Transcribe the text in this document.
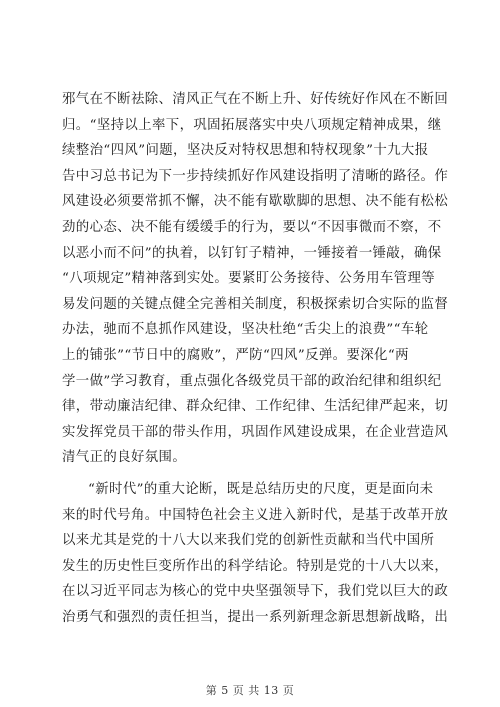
邪气在不断祛除、清风正气在不断上升、好传统好作风在不断回
归。“坚持以上率下，巩固拓展落实中央八项规定精神成果，继
续整治“四风”问题，坚决反对特权思想和特权现象”十九大报
告中习总书记为下一步持续抓好作风建设指明了清晰的路径。作
风建设必须要常抓不懈，决不能有歇歇脚的思想、决不能有松松
劲的心态、决不能有缓缓手的行为，要以“不因事微而不察，不
以恶小而不问”的执着，以钉钉子精神，一锤接着一锤敲，确保
“八项规定”精神落到实处。要紧盯公务接待、公务用车管理等
易发问题的关键点健全完善相关制度，积极探索切合实际的监督
办法，驰而不息抓作风建设，坚决杜绝“舌尖上的浪费”“车轮
上的铺张”“节日中的腐败”，严防“四风”反弹。要深化“两
学一做”学习教育，重点强化各级党员干部的政治纪律和组织纪
律，带动廉洁纪律、群众纪律、工作纪律、生活纪律严起来，切
实发挥党员干部的带头作用，巩固作风建设成果，在企业营造风
清气正的良好氛围。

“新时代”的重大论断，既是总结历史的尺度，更是面向未
来的时代号角。中国特色社会主义进入新时代，是基于改革开放
以来尤其是党的十八大以来我们党的创新性贡献和当代中国所
发生的历史性巨变所作出的科学结论。特别是党的十八大以来，
在以习近平同志为核心的党中央坚强领导下，我们党以巨大的政
治勇气和强烈的责任担当，提出一系列新理念新思想新战略，出

第 5 页 共 13 页
